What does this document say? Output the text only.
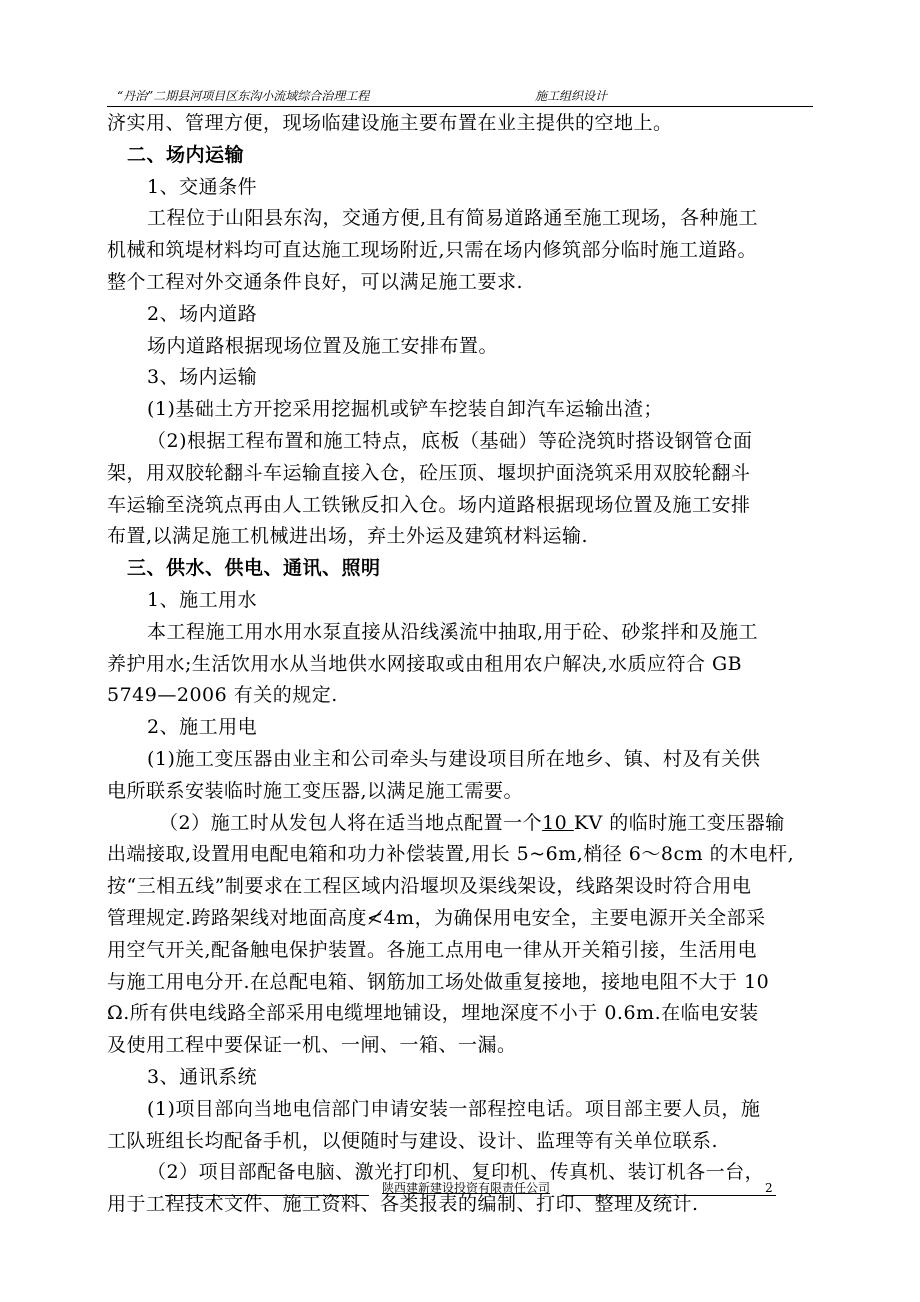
“丹治”二期县河项目区东沟小流域综合治理工程	施工组织设计

济实用、管理方便，现场临建设施主要布置在业主提供的空地上。

二、场内运输

1、交通条件

工程位于山阳县东沟，交通方便,且有简易道路通至施工现场，各种施工

机械和筑堤材料均可直达施工现场附近,只需在场内修筑部分临时施工道路。

整个工程对外交通条件良好，可以满足施工要求.

2、场内道路

场内道路根据现场位置及施工安排布置。

3、场内运输

(1)基础土方开挖采用挖掘机或铲车挖装自卸汽车运输出渣；

（2)根据工程布置和施工特点，底板（基础）等砼浇筑时搭设钢管仓面

架，用双胶轮翻斗车运输直接入仓，砼压顶、堰坝护面浇筑采用双胶轮翻斗

车运输至浇筑点再由人工铁锹反扣入仓。场内道路根据现场位置及施工安排

布置,以满足施工机械进出场，弃土外运及建筑材料运输.

三、供水、供电、通讯、照明

1、施工用水

本工程施工用水用水泵直接从沿线溪流中抽取,用于砼、砂浆拌和及施工

养护用水;生活饮用水从当地供水网接取或由租用农户解决,水质应符合 GB

5749—2006 有关的规定.

2、施工用电

(1)施工变压器由业主和公司牵头与建设项目所在地乡、镇、村及有关供

电所联系安装临时施工变压器,以满足施工需要。

（2）施工时从发包人将在适当地点配置一个10 KV 的临时施工变压器输

出端接取,设置用电配电箱和功力补偿装置,用长 5~6m,梢径 6～8cm 的木电杆,

按“三相五线”制要求在工程区域内沿堰坝及渠线架设，线路架设时符合用电

管理规定.跨路架线对地面高度≮4m，为确保用电安全，主要电源开关全部采

用空气开关,配备触电保护装置。各施工点用电一律从开关箱引接，生活用电

与施工用电分开.在总配电箱、钢筋加工场处做重复接地，接地电阻不大于 10

Ω.所有供电线路全部采用电缆埋地铺设，埋地深度不小于 0.6m.在临电安装

及使用工程中要保证一机、一闸、一箱、一漏。

3、通讯系统

(1)项目部向当地电信部门申请安装一部程控电话。项目部主要人员，施

工队班组长均配备手机，以便随时与建设、设计、监理等有关单位联系.

（2）项目部配备电脑、激光打印机、复印机、传真机、装订机各一台，

用于工程技术文件、施工资料、各类报表的编制、打印、整理及统计.

陕西建新建设投资有限责任公司	2
